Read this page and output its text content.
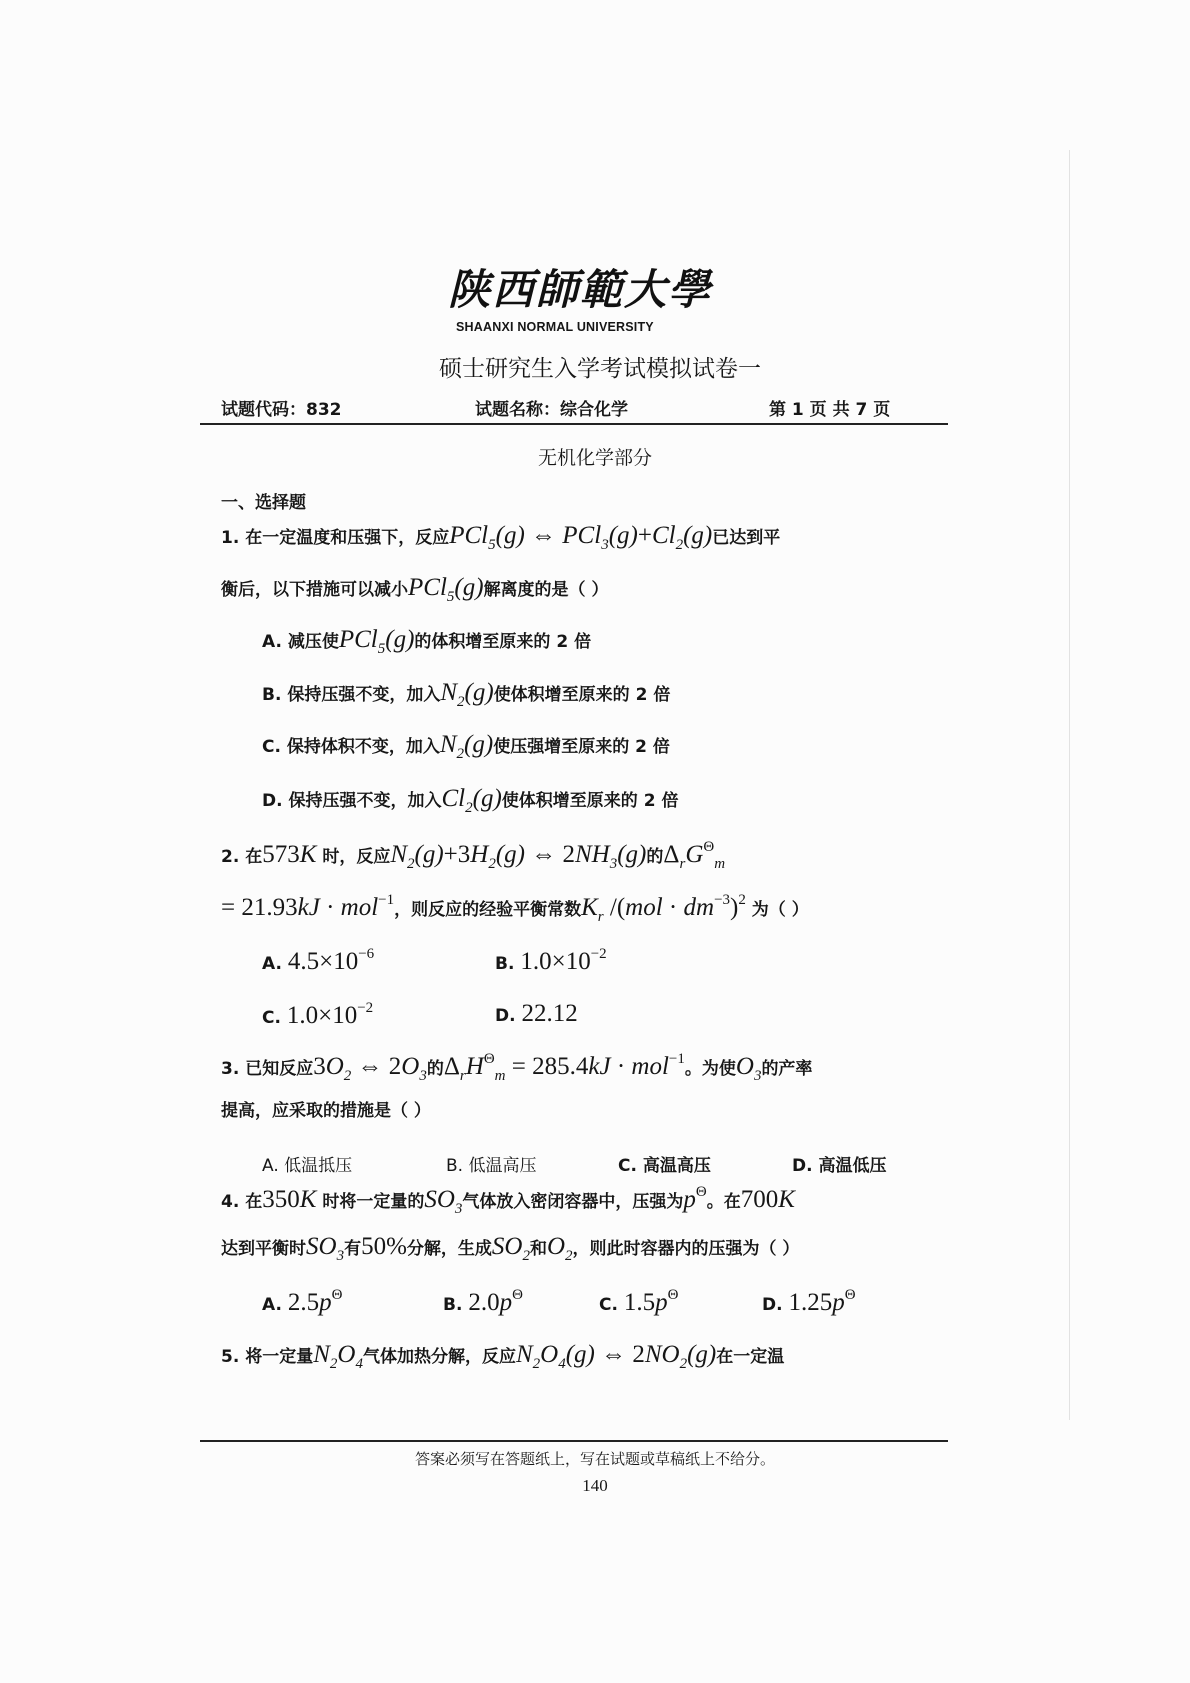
陕西師範大學
SHAANXI NORMAL UNIVERSITY
硕士研究生入学考试模拟试卷一
试题代码：832	试题名称：综合化学	第 1 页 共 7 页
无机化学部分
一、选择题
1. 在一定温度和压强下，反应PCl5(g) ⇔ PCl3(g)+Cl2(g)已达到平
衡后，以下措施可以减小PCl5(g)解离度的是（ ）
A. 减压使PCl5(g)的体积增至原来的 2 倍
B. 保持压强不变，加入N2(g)使体积增至原来的 2 倍
C. 保持体积不变，加入N2(g)使压强增至原来的 2 倍
D. 保持压强不变，加入Cl2(g)使体积增至原来的 2 倍
2. 在573K 时，反应N2(g)+3H2(g) ⇔ 2NH3(g)的ΔrGΘm
= 21.93kJ · mol−1，则反应的经验平衡常数Kr /(mol · dm−3)2 为（ ）
A. 4.5×10−6	B. 1.0×10−2
C. 1.0×10−2	D. 22.12
3. 已知反应3O2 ⇔ 2O3的ΔrHΘm = 285.4kJ · mol−1。为使O3的产率
提高，应采取的措施是（ ）
4. 在350K 时将一定量的SO3气体放入密闭容器中，压强为pΘ。在700K
达到平衡时SO3有50%分解，生成SO2和O2，则此时容器内的压强为（ ）
A. 2.5pΘ	B. 2.0pΘ	C. 1.5pΘ	D. 1.25pΘ
5. 将一定量N2O4气体加热分解，反应N2O4(g) ⇔ 2NO2(g)在一定温
A. 低温抵压	B. 低温高压	C. 高温高压	D. 高温低压
答案必须写在答题纸上，写在试题或草稿纸上不给分。
140
